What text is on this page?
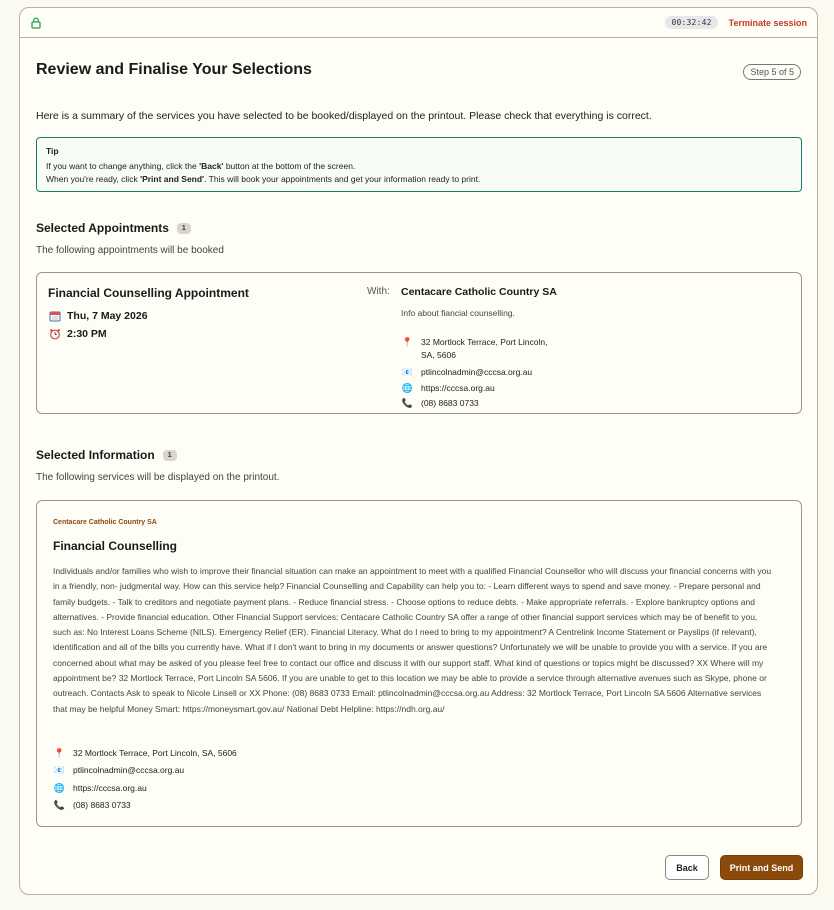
00:32:42	Terminate session
Review and Finalise Your Selections	Step 5 of 5

Here is a summary of the services you have selected to be booked/displayed on the printout. Please check that everything is correct.

Tip
If you want to change anything, click the 'Back' button at the bottom of the screen.
When you're ready, click 'Print and Send'. This will book your appointments and get your information ready to print.
Selected Appointments	1

The following appointments will be booked

Financial Counselling Appointment
Thu, 7 May 2026
2:30 PM
With: Centacare Catholic Country SA
Info about fiancial counselling.
📍 32 Mortlock Terrace, Port Lincoln,
SA, 5606
📧 ptlincolnadmin@cccsa.org.au
🌐 https://cccsa.org.au
📞 (08) 8683 0733
Selected Information	1

The following services will be displayed on the printout.

Centacare Catholic Country SA
Financial Counselling

Individuals and/or families who wish to improve their financial situation can make an appointment to meet with a qualified Financial Counsellor who will discuss your financial concerns with you in a friendly, non- judgmental way. How can this service help? Financial Counselling and Capability can help you to: - Learn different ways to spend and save money. - Prepare personal and family budgets. - Talk to creditors and negotiate payment plans. - Reduce financial stress. - Choose options to reduce debts. - Make appropriate referrals. - Explore bankruptcy options and alternatives. - Provide financial education. Other Financial Support services: Centacare Catholic Country SA offer a range of other financial support services which may be of benefit to you, such as: No Interest Loans Scheme (NILS). Emergency Relief (ER). Financial Literacy. What do I need to bring to my appointment? A Centrelink Income Statement or Payslips (if relevant), identification and all of the bills you currently have. What if I don't want to bring in my documents or answer questions? Unfortunately we will be unable to provide you with a service. If you are concerned about what may be asked of you please feel free to contact our office and discuss it with our support staff. What kind of questions or topics might be discussed? XX Where will my appointment be? 32 Mortlock Terrace, Port Lincoln SA 5606. If you are unable to get to this location we may be able to provide a service through alternative avenues such as Skype, phone or outreach. Contacts Ask to speak to Nicole Linsell or XX Phone: (08) 8683 0733 Email: ptlincolnadmin@cccsa.org.au Address: 32 Mortlock Terrace, Port Lincoln SA 5606 Alternative services that may be helpful Money Smart: https://moneysmart.gov.au/ National Debt Helpline: https://ndh.org.au/

📍 32 Mortlock Terrace, Port Lincoln, SA, 5606
📧 ptlincolnadmin@cccsa.org.au
🌐 https://cccsa.org.au
📞 (08) 8683 0733
Back	Print and Send
